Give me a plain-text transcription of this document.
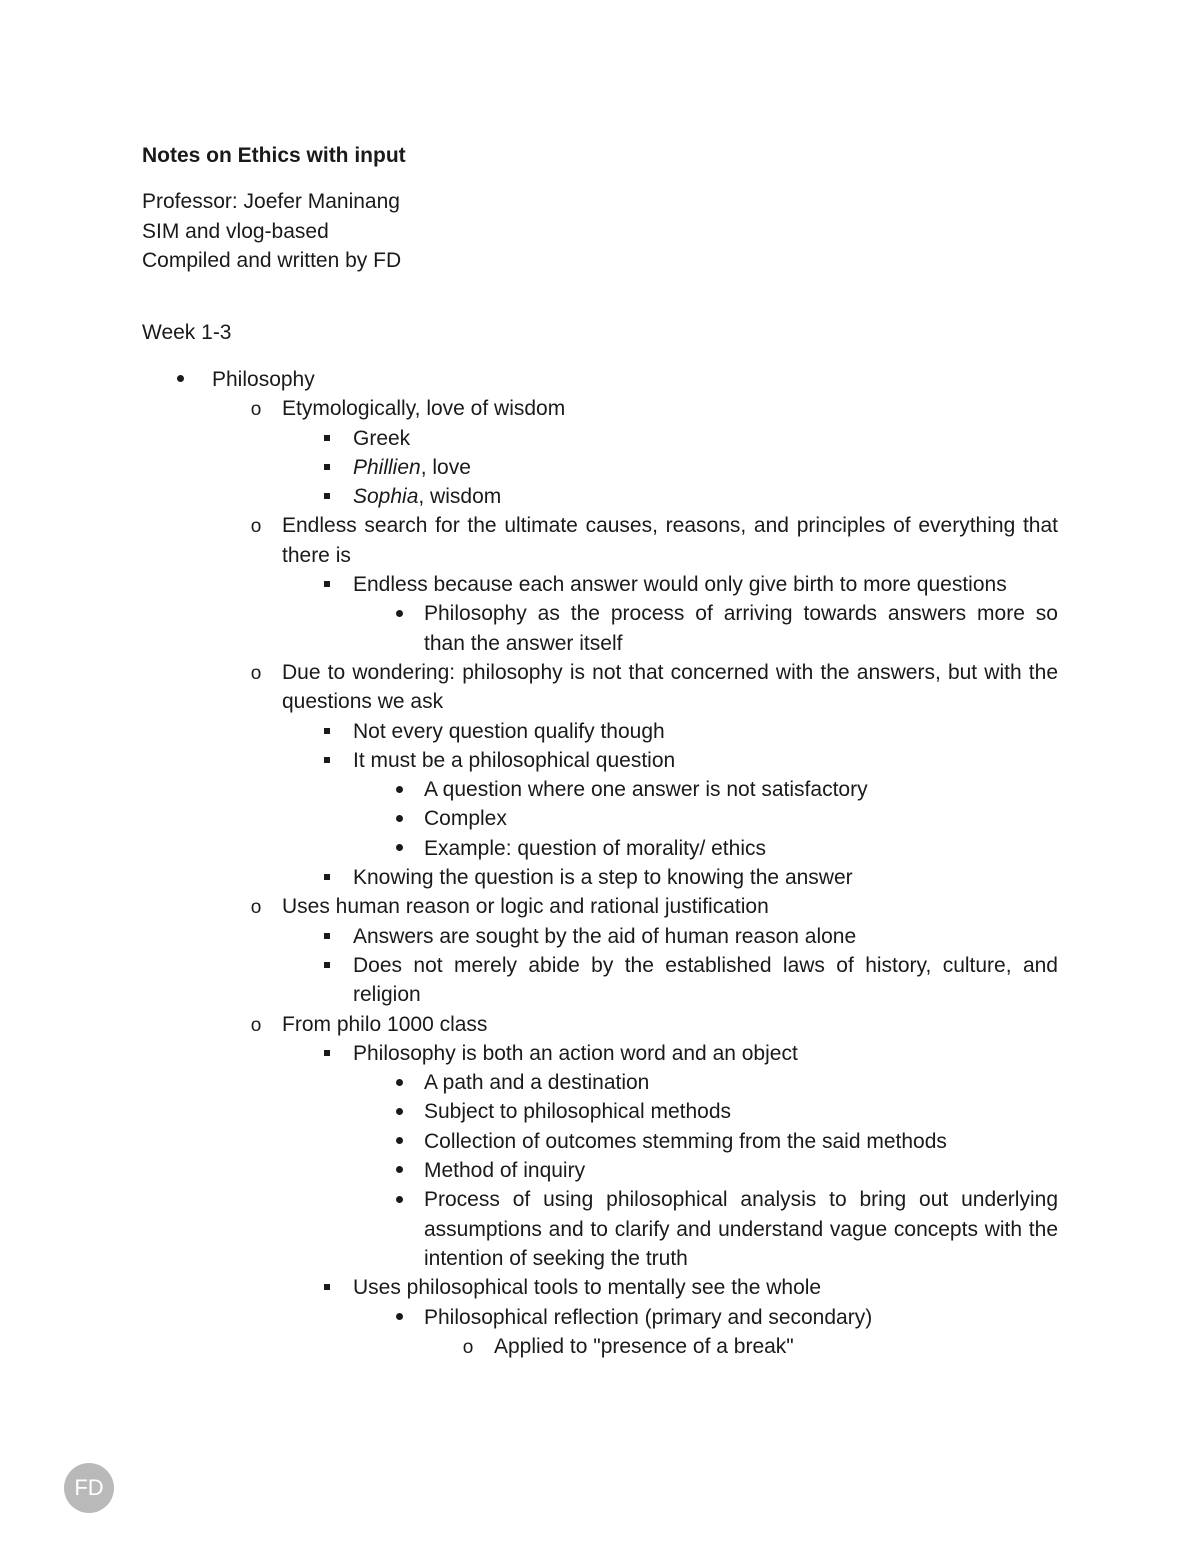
Notes on Ethics with input
Professor: Joefer Maninang
SIM and vlog-based
Compiled and written by FD
Week 1-3
Philosophy
o
Etymologically, love of wisdom
Greek
Phillien, love
Sophia, wisdom
o
Endless search for the ultimate causes, reasons, and principles of everything that there is
Endless because each answer would only give birth to more questions
Philosophy as the process of arriving towards answers more so than the answer itself
o
Due to wondering: philosophy is not that concerned with the answers, but with the questions we ask
Not every question qualify though
It must be a philosophical question
A question where one answer is not satisfactory
Complex
Example: question of morality/ ethics
Knowing the question is a step to knowing the answer
o
Uses human reason or logic and rational justification
Answers are sought by the aid of human reason alone
Does not merely abide by the established laws of history, culture, and religion
o
From philo 1000 class
Philosophy is both an action word and an object
A path and a destination
Subject to philosophical methods
Collection of outcomes stemming from the said methods
Method of inquiry
Process of using philosophical analysis to bring out underlying assumptions and to clarify and understand vague concepts with the intention of seeking the truth
Uses philosophical tools to mentally see the whole
Philosophical reflection (primary and secondary)
o
Applied to "presence of a break"
FD
